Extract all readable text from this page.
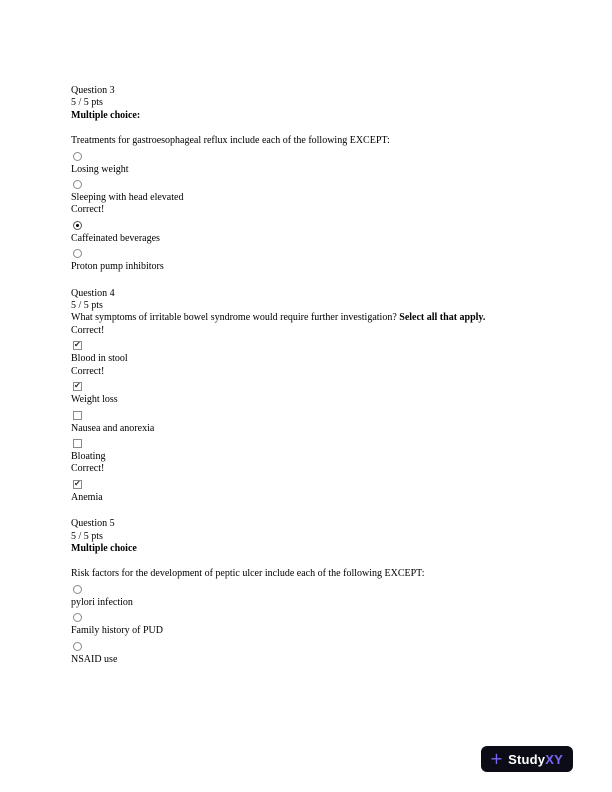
Question 3
5 / 5 pts
Multiple choice:
Treatments for gastroesophageal reflux include each of the following EXCEPT:
Losing weight
Sleeping with head elevated
Correct!
Caffeinated beverages
Proton pump inhibitors
Question 4
5 / 5 pts
What symptoms of irritable bowel syndrome would require further investigation? Select all that apply.
Correct!
✔
Blood in stool
Correct!
✔
Weight loss
Nausea and anorexia
Bloating
Correct!
✔
Anemia
Question 5
5 / 5 pts
Multiple choice
Risk factors for the development of peptic ulcer include each of the following EXCEPT:
pylori infection
Family history of PUD
NSAID use
+ StudyXY
